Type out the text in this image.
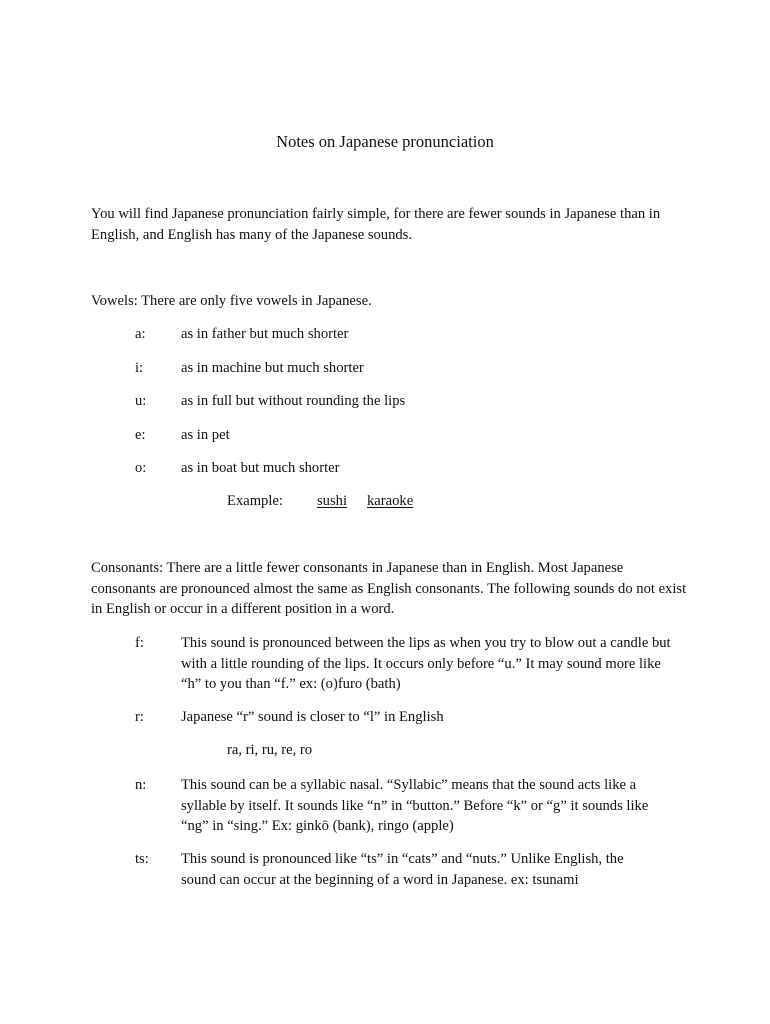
Notes on Japanese pronunciation

You will find Japanese pronunciation fairly simple, for there are fewer sounds in Japanese than in English, and English has many of the Japanese sounds.

Vowels: There are only five vowels in Japanese.

a: as in father but much shorter
i:	as in machine but much shorter
u: as in full but without rounding the lips
e: as in pet
o: as in boat but much shorter
Example: sushi karaoke

Consonants: There are a little fewer consonants in Japanese than in English. Most Japanese consonants are pronounced almost the same as English consonants. The following sounds do not exist in English or occur in a different position in a word.

f:	This sound is pronounced between the lips as when you try to blow out a candle but with a little rounding of the lips. It occurs only before “u.” It may sound more like “h” to you than “f.” ex: (o)furo (bath)
r:	Japanese “r” sound is closer to “l” in English
ra, ri, ru, re, ro
n: This sound can be a syllabic nasal. “Syllabic” means that the sound acts like a syllable by itself. It sounds like “n” in “button.” Before “k” or “g” it sounds like “ng” in “sing.” Ex: ginkō (bank), ringo (apple)
ts: This sound is pronounced like “ts” in “cats” and “nuts.” Unlike English, the sound can occur at the beginning of a word in Japanese. ex: tsunami
